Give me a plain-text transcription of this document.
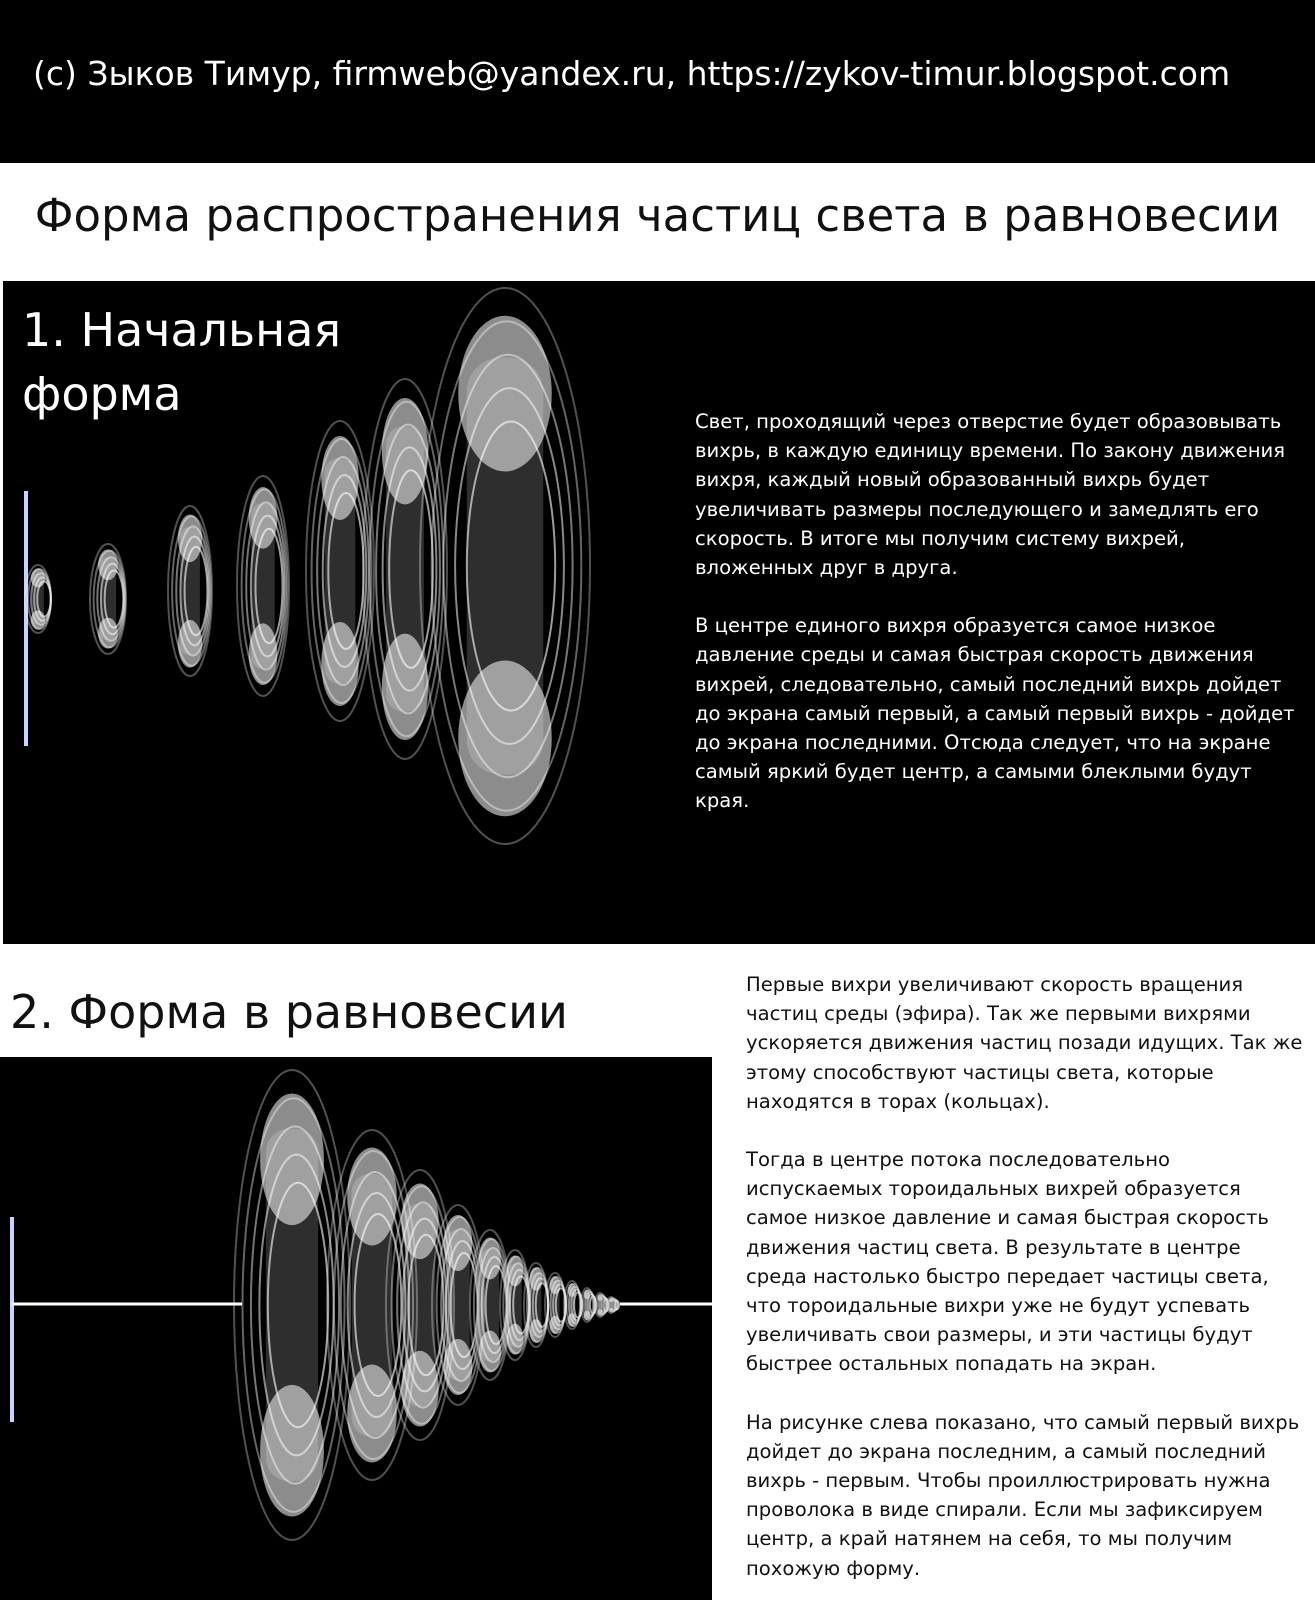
(c) Зыков Тимур, firmweb@yandex.ru, https://zykov-timur.blogspot.com
Форма распространения частиц света в равновесии
1. Начальная
форма

Свет, проходящий через отверстие будет образовывать вихрь, в каждую единицу времени. По закону движения вихря, каждый новый образованный вихрь будет увеличивать размеры последующего и замедлять его скорость. В итоге мы получим систему вихрей, вложенных друг в друга.

В центре единого вихря образуется самое низкое давление среды и самая быстрая скорость движения вихрей, следовательно, самый последний вихрь дойдет до экрана самый первый, а самый первый вихрь - дойдет до экрана последними. Отсюда следует, что на экране самый яркий будет центр, а самыми блеклыми будут края.

2. Форма в равновесии

Первые вихри увеличивают скорость вращения частиц среды (эфира). Так же первыми вихрями ускоряется движения частиц позади идущих. Так же этому способствуют частицы света, которые находятся в торах (кольцах).

Тогда в центре потока последовательно испускаемых тороидальных вихрей образуется самое низкое давление и самая быстрая скорость движения частиц света. В результате в центре среда настолько быстро передает частицы света, что тороидальные вихри уже не будут успевать увеличивать свои размеры, и эти частицы будут быстрее остальных попадать на экран.

На рисунке слева показано, что самый первый вихрь дойдет до экрана последним, а самый последний вихрь - первым. Чтобы проиллюстрировать нужна проволока в виде спирали. Если мы зафиксируем центр, а край натянем на себя, то мы получим похожую форму.
